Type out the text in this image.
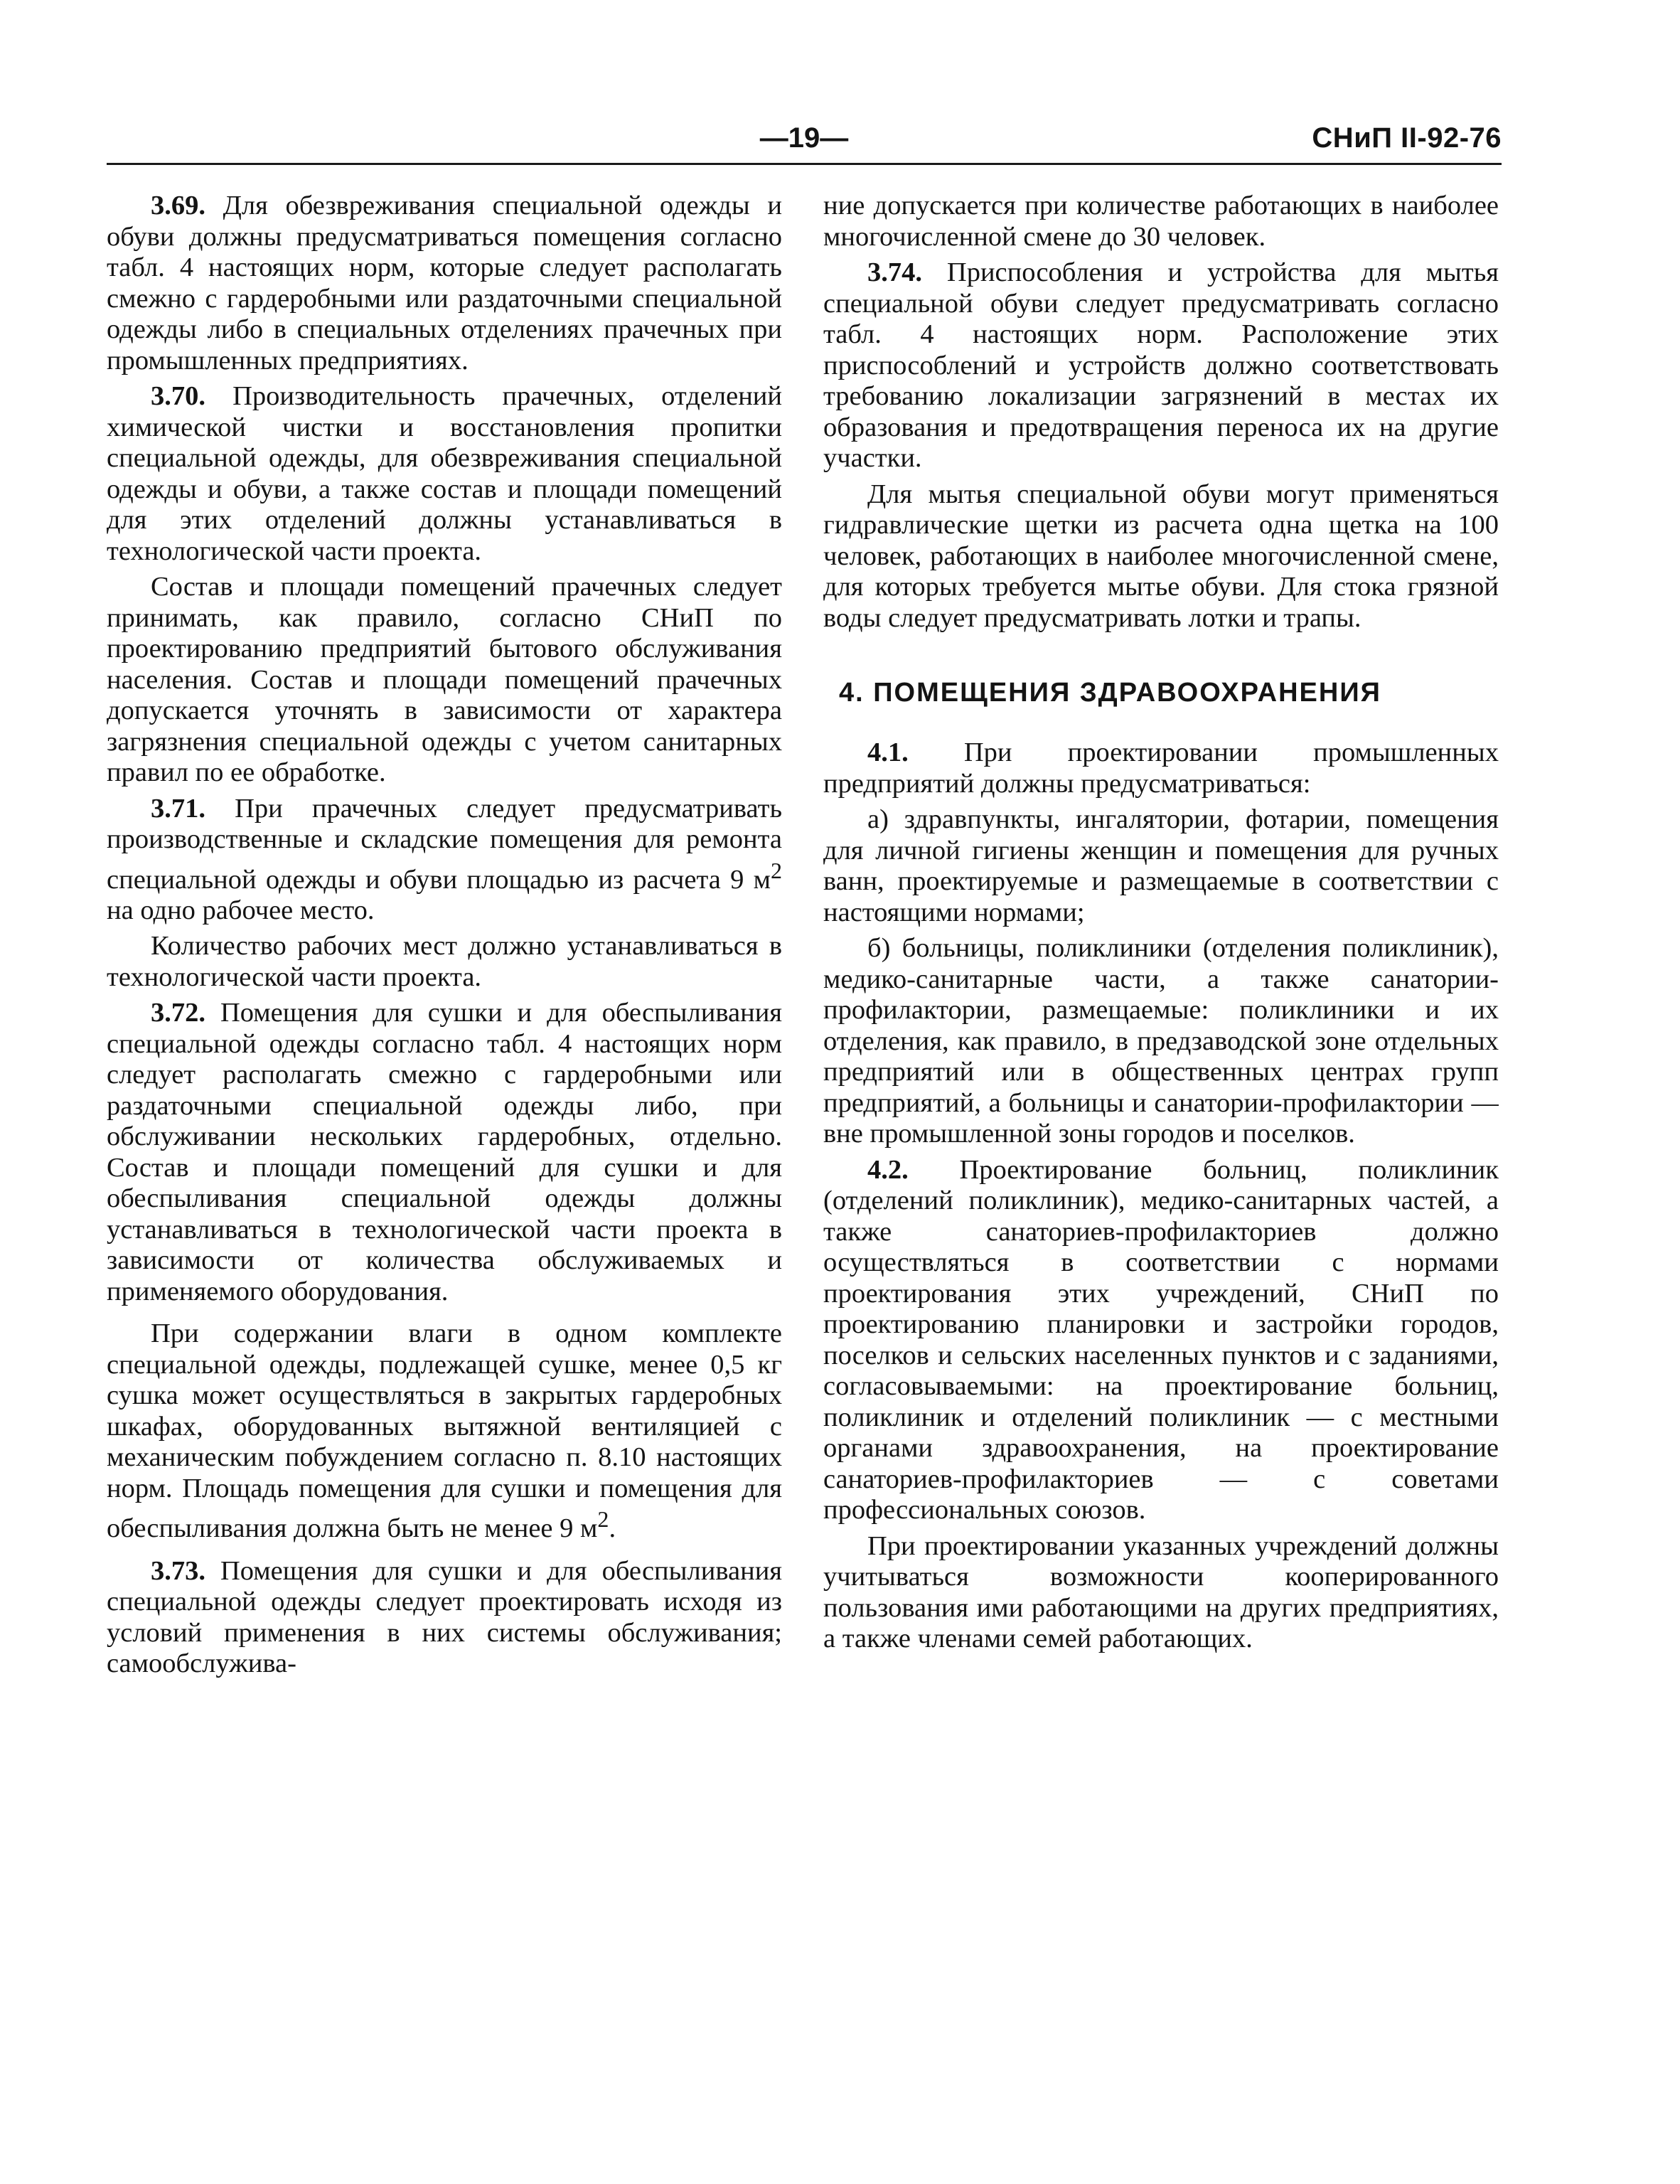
—19—	СНиП II-92-76

3.69. Для обезвреживания специальной одежды и обуви должны предусматриваться помещения согласно табл. 4 настоящих норм, которые следует располагать смежно с гардеробными или раздаточными специальной одежды либо в специальных отделениях прачечных при промышленных предприятиях.

3.70. Производительность прачечных, отделений химической чистки и восстановления пропитки специальной одежды, для обезвреживания специальной одежды и обуви, а также состав и площади помещений для этих отделений должны устанавливаться в технологической части проекта.

Состав и площади помещений прачечных следует принимать, как правило, согласно СНиП по проектированию предприятий бытового обслуживания населения. Состав и площади помещений прачечных допускается уточнять в зависимости от характера загрязнения специальной одежды с учетом санитарных правил по ее обработке.

3.71. При прачечных следует предусматривать производственные и складские помещения для ремонта специальной одежды и обуви площадью из расчета 9 $м^2$ на одно рабочее место.

Количество рабочих мест должно устанавливаться в технологической части проекта.

3.72. Помещения для сушки и для обеспыливания специальной одежды согласно табл. 4 настоящих норм следует располагать смежно с гардеробными или раздаточными специальной одежды либо, при обслуживании нескольких гардеробных, отдельно. Состав и площади помещений для сушки и для обеспыливания специальной одежды должны устанавливаться в технологической части проекта в зависимости от количества обслуживаемых и применяемого оборудования.

При содержании влаги в одном комплекте специальной одежды, подлежащей сушке, менее 0,5 кг сушка может осуществляться в закрытых гардеробных шкафах, оборудованных вытяжной вентиляцией с механическим побуждением согласно п. 8.10 настоящих норм. Площадь помещения для сушки и помещения для обеспыливания должна быть не менее 9 $м^2$.

3.73. Помещения для сушки и для обеспыливания специальной одежды следует проектировать исходя из условий применения в них системы обслуживания; самообслужива-

ние допускается при количестве работающих в наиболее многочисленной смене до 30 человек.

3.74. Приспособления и устройства для мытья специальной обуви следует предусматривать согласно табл. 4 настоящих норм. Расположение этих приспособлений и устройств должно соответствовать требованию локализации загрязнений в местах их образования и предотвращения переноса их на другие участки.

Для мытья специальной обуви могут применяться гидравлические щетки из расчета одна щетка на 100 человек, работающих в наиболее многочисленной смене, для которых требуется мытье обуви. Для стока грязной воды следует предусматривать лотки и трапы.

4. ПОМЕЩЕНИЯ ЗДРАВООХРАНЕНИЯ

4.1. При проектировании промышленных предприятий должны предусматриваться:

а) здравпункты, ингалятории, фотарии, помещения для личной гигиены женщин и помещения для ручных ванн, проектируемые и размещаемые в соответствии с настоящими нормами;

б) больницы, поликлиники (отделения поликлиник), медико-санитарные части, а также санатории-профилактории, размещаемые: поликлиники и их отделения, как правило, в предзаводской зоне отдельных предприятий или в общественных центрах групп предприятий, а больницы и санатории-профилактории — вне промышленной зоны городов и поселков.

4.2. Проектирование больниц, поликлиник (отделений поликлиник), медико-санитарных частей, а также санаториев-профилакториев должно осуществляться в соответствии с нормами проектирования этих учреждений, СНиП по проектированию планировки и застройки городов, поселков и сельских населенных пунктов и с заданиями, согласовываемыми: на проектирование больниц, поликлиник и отделений поликлиник — с местными органами здравоохранения, на проектирование санаториев-профилакториев — с советами профессиональных союзов.

При проектировании указанных учреждений должны учитываться возможности кооперированного пользования ими работающими на других предприятиях, а также членами семей работающих.
